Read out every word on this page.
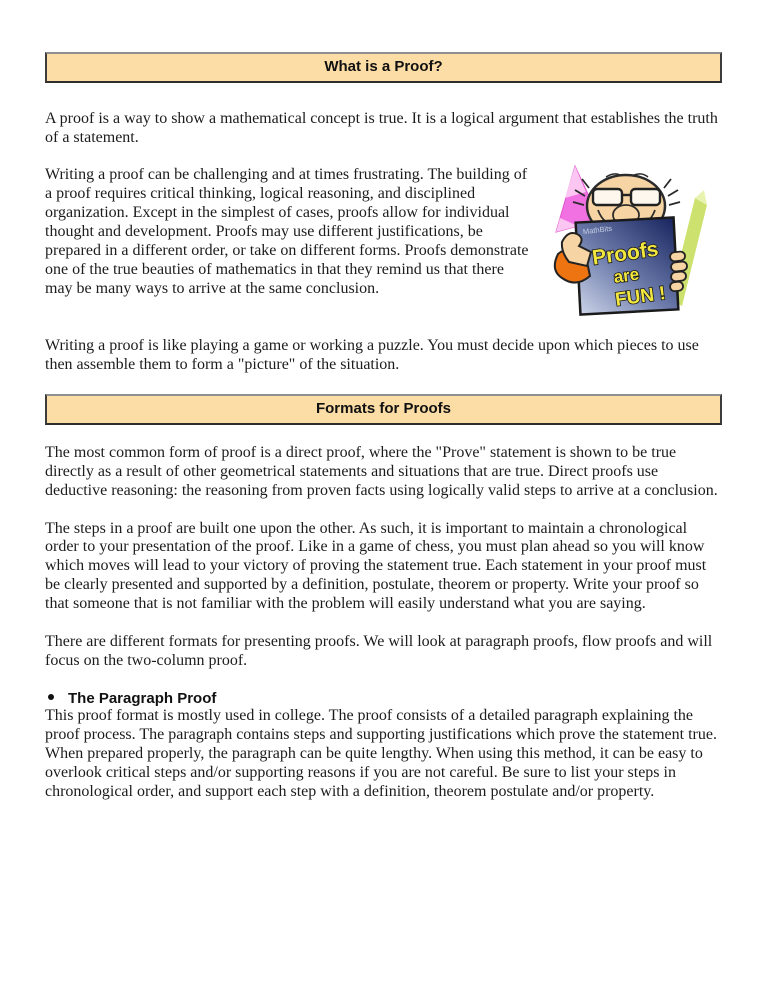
What is a Proof?

A proof is a way to show a mathematical concept is true. It is a logical argument that establishes the truth of a statement.

MathBits
Proofs
are
FUN !

Writing a proof can be challenging and at times frustrating. The building of a proof requires critical thinking, logical reasoning, and disciplined organization. Except in the simplest of cases, proofs allow for individual thought and development. Proofs may use different justifications, be prepared in a different order, or take on different forms. Proofs demonstrate one of the true beauties of mathematics in that they remind us that there may be many ways to arrive at the same conclusion.

Writing a proof is like playing a game or working a puzzle. You must decide upon which pieces to use then assemble them to form a "picture" of the situation.

Formats for Proofs

The most common form of proof is a direct proof, where the "Prove" statement is shown to be true directly as a result of other geometrical statements and situations that are true. Direct proofs use deductive reasoning: the reasoning from proven facts using logically valid steps to arrive at a conclusion.

The steps in a proof are built one upon the other. As such, it is important to maintain a chronological order to your presentation of the proof. Like in a game of chess, you must plan ahead so you will know which moves will lead to your victory of proving the statement true. Each statement in your proof must be clearly presented and supported by a definition, postulate, theorem or property. Write your proof so that someone that is not familiar with the problem will easily understand what you are saying.

There are different formats for presenting proofs. We will look at paragraph proofs, flow proofs and will focus on the two-column proof.

The Paragraph Proof

This proof format is mostly used in college. The proof consists of a detailed paragraph explaining the proof process. The paragraph contains steps and supporting justifications which prove the statement true. When prepared properly, the paragraph can be quite lengthy. When using this method, it can be easy to overlook critical steps and/or supporting reasons if you are not careful. Be sure to list your steps in chronological order, and support each step with a definition, theorem postulate and/or property.
